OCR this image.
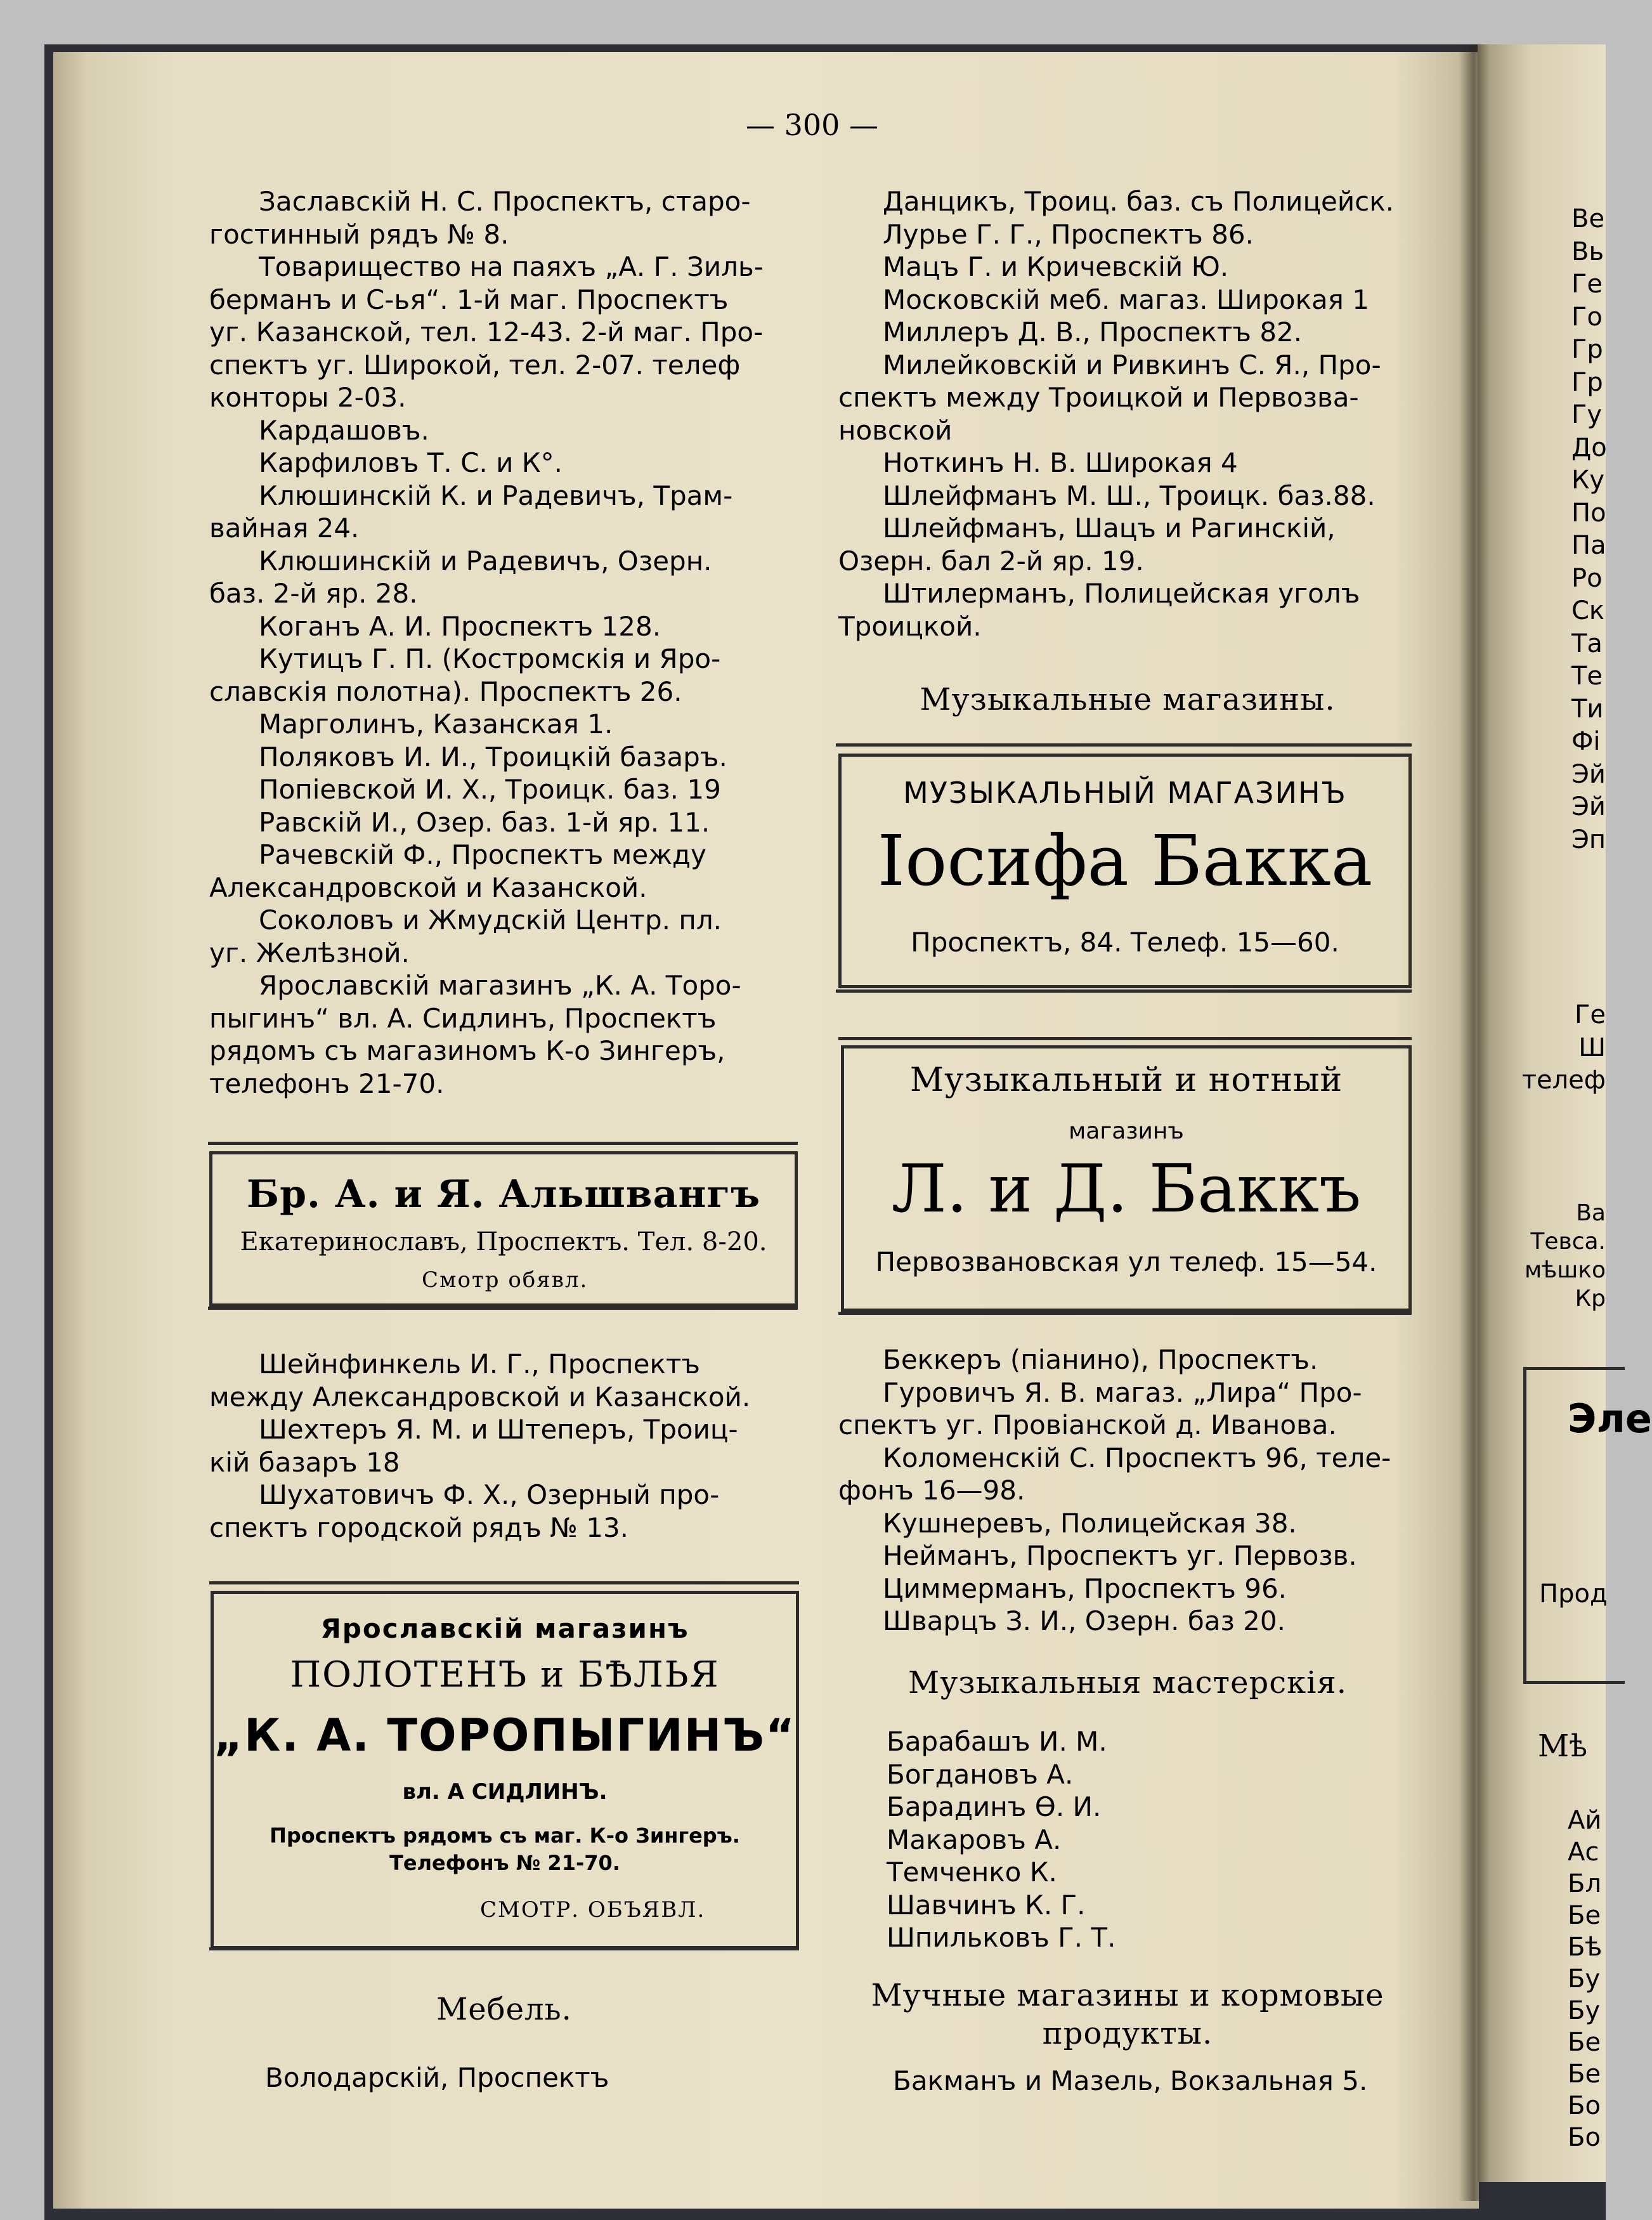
Ве
Вь
Ге
Го
Гр
Гр
Гу
До
Ку
По
Па
Ро
Ск
Та
Те
Ти
Фі
Эй
Эй
Эп
Ге
Ш
телеф
Ва
Тевса.
мѣшко
Кр
Эле
Прод
Мѣ
Ай
Ас
Бл
Бе
Бѣ
Бу
Бу
Бе
Бе
Бо
Бо
— 300 —
Заславскій Н. С. Проспектъ, старо-
гостинный рядъ № 8.
Товарищество на паяхъ „А. Г. Зиль-
берманъ и С-ья“. 1-й маг. Проспектъ
уг. Казанской, тел. 12-43. 2-й маг. Про-
спектъ уг. Широкой, тел. 2-07. телеф
конторы 2-03.
Кардашовъ.
Карфиловъ Т. С. и К°.
Клюшинскій К. и Радевичъ, Трам-
вайная 24.
Клюшинскій и Радевичъ, Озерн.
баз. 2-й яр. 28.
Коганъ А. И. Проспектъ 128.
Кутицъ Г. П. (Костромскія и Яро-
славскія полотна). Проспектъ 26.
Марголинъ, Казанская 1.
Поляковъ И. И., Троицкій базаръ.
Попіевской И. Х., Троицк. баз. 19
Равскій И., Озер. баз. 1-й яр. 11.
Рачевскій Ф., Проспектъ между
Александровской и Казанской.
Соколовъ и Жмудскій Центр. пл.
уг. Желѣзной.
Ярославскій магазинъ „К. А. Торо-
пыгинъ“ вл. А. Сидлинъ, Проспектъ
рядомъ съ магазиномъ К-о Зингеръ,
телефонъ 21-70.
Бр. А. и Я. Альшвангъ
Екатеринославъ, Проспектъ. Тел. 8-20.
Смотр обявл.
Шейнфинкель И. Г., Проспектъ
между Александровской и Казанской.
Шехтеръ Я. М. и Штеперъ, Троиц-
кій базаръ 18
Шухатовичъ Ф. Х., Озерный про-
спектъ городской рядъ № 13.
Ярославскій магазинъ
ПОЛОТЕНЪ и БѢЛЬЯ
„К. А. ТОРОПЫГИНЪ“
вл. А СИДЛИНЪ.
Проспектъ рядомъ съ маг. К-о Зингеръ.
Телефонъ № 21-70.
СМОТР. ОБЪЯВЛ.
Мебель.
Володарскій, Проспектъ
Данцикъ, Троиц. баз. съ Полицейск.
Лурье Г. Г., Проспектъ 86.
Мацъ Г. и Кричевскій Ю.
Московскій меб. магаз. Широкая 1
Миллеръ Д. В., Проспектъ 82.
Милейковскій и Ривкинъ С. Я., Про-
спектъ между Троицкой и Первозва-
новской
Ноткинъ Н. В. Широкая 4
Шлейфманъ М. Ш., Троицк. баз.88.
Шлейфманъ, Шацъ и Рагинскій,
Озерн. бал 2-й яр. 19.
Штилерманъ, Полицейская уголъ
Троицкой.
Музыкальные магазины.
МУЗЫКАЛЬНЫЙ МАГАЗИНЪ
Іосифа Бакка
Проспектъ, 84. Телеф. 15—60.
Музыкальный и нотный
магазинъ
Л. и Д. Баккъ
Первозвановская ул телеф. 15—54.
Беккеръ (піанино), Проспектъ.
Гуровичъ Я. В. магаз. „Лира“ Про-
спектъ уг. Провіанской д. Иванова.
Коломенскій С. Проспектъ 96, теле-
фонъ 16—98.
Кушнеревъ, Полицейская 38.
Нейманъ, Проспектъ уг. Первозв.
Циммерманъ, Проспектъ 96.
Шварцъ З. И., Озерн. баз 20.
Музыкальныя мастерскія.
Барабашъ И. М.
Богдановъ А.
Барадинъ Ѳ. И.
Макаровъ А.
Темченко К.
Шавчинъ К. Г.
Шпильковъ Г. Т.
Мучные магазины и кормовые
продукты.
Бакманъ и Мазель, Вокзальная 5.
